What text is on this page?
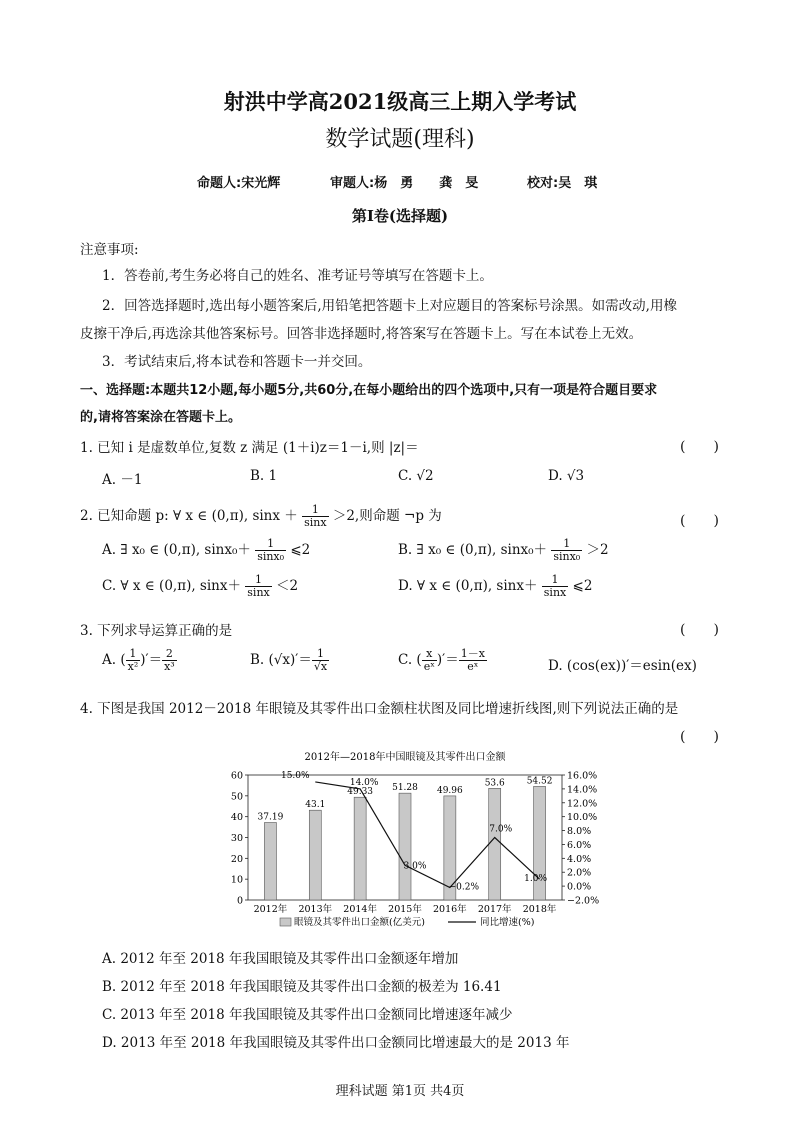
射洪中学高2021级高三上期入学考试
数学试题(理科)
命题人:宋光辉	审题人:杨　勇　　龚　旻	校对:吴　琪
第Ⅰ卷(选择题)
注意事项:
1．答卷前,考生务必将自己的姓名、准考证号等填写在答题卡上。
2．回答选择题时,选出每小题答案后,用铅笔把答题卡上对应题目的答案标号涂黑。如需改动,用橡
皮擦干净后,再选涂其他答案标号。回答非选择题时,将答案写在答题卡上。写在本试卷上无效。
3．考试结束后,将本试卷和答题卡一并交回。
一、选择题:本题共12小题,每小题5分,共60分,在每小题给出的四个选项中,只有一项是符合题目要求
的,请将答案涂在答题卡上。
1. 已知 i 是虚数单位,复数 z 满足 (1＋i)z＝1－i,则 |z|＝	(　　)
A. －1	B. 1	C. √2	D. √3
2. 已知命题 p: ∀ x ∈ (0,π), $\sin x + \frac{1}{\sin x} >2$,则命题 ¬p 为	(　　)
A. ∃ x₀ ∈ (0,π), $\sin x_0+ \frac{1}{\text{sinx₀}}$ ⩽2	B. ∃ x₀ ∈ (0,π), $\sin x_0+ \frac{1}{\text{sinx₀}} >2$
C. ∀ x ∈ (0,π), $\sin x+ \frac{1}{\sin x} <2$	D. ∀ x ∈ (0,π), $\sin x+ \frac{1}{\sin x}$ ⩽2
3. 下列求导运算正确的是	(　　)
A. ( $\frac{1}{\text{x²}}$ )′＝ $\frac{2}{\text{x³}}$	B. $(√x)'= \frac{1}{√x}$	C. ( $\frac{x}{\text{eˣ}}$ )′＝ $\frac{1-x}{\text{eˣ}}$	D. (cos(ex))′＝esin(ex)
4. 下图是我国 2012－2018 年眼镜及其零件出口金额柱状图及同比增速折线图,则下列说法正确的是
(　　)
2012年—2018年中国眼镜及其零件出口金额
0
10
20
30
40
50
60
−2.0%
0.0%
2.0%
4.0%
6.0%
8.0%
10.0%
12.0%
14.0%
16.0%
37.19
43.1
49.33 51.28 49.96
53.6 54.52
2012年 2013年 2014年 2015年 2016年 2017年 2018年
15.0%
14.0%
3.0%
−0.2%
7.0%
1.0%
眼镜及其零件出口金额(亿美元)	同比增速(%)
A. 2012 年至 2018 年我国眼镜及其零件出口金额逐年增加
B. 2012 年至 2018 年我国眼镜及其零件出口金额的极差为 16.41
C. 2013 年至 2018 年我国眼镜及其零件出口金额同比增速逐年减少
D. 2013 年至 2018 年我国眼镜及其零件出口金额同比增速最大的是 2013 年
理科试题 第1页 共4页
